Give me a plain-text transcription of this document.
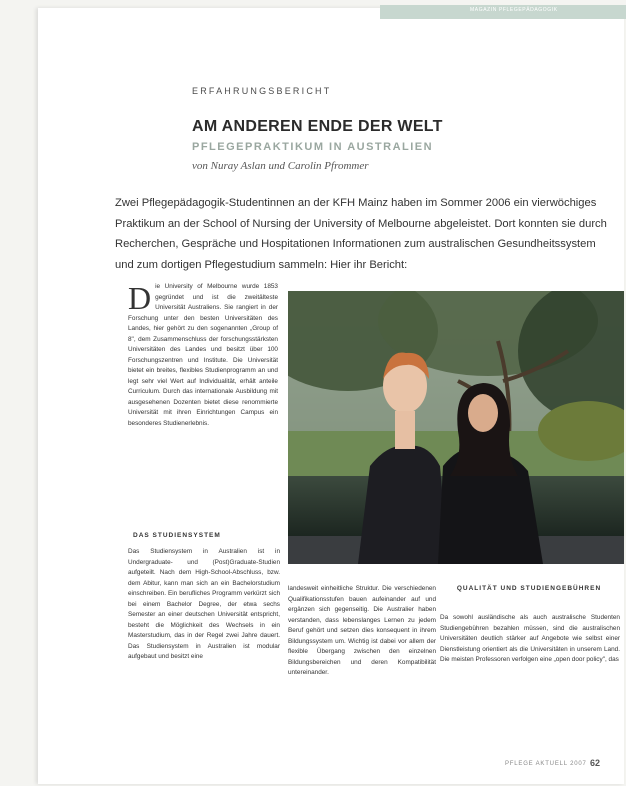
MAGAZIN PFLEGEPÄDAGOGIK
ERFAHRUNGSBERICHT
AM ANDEREN ENDE DER WELT
PFLEGEPRAKTIKUM IN AUSTRALIEN
von Nuray Aslan und Carolin Pfrommer
Zwei Pflegepädagogik-Studentinnen an der KFH Mainz haben im Sommer 2006 ein vierwöchiges Praktikum an der School of Nursing der University of Melbourne abgeleistet. Dort konnten sie durch Recherchen, Gespräche und Hospitationen Informationen zum australischen Gesundheitssystem und zum dortigen Pflegestudium sammeln: Hier ihr Bericht:
Die University of Melbourne wurde 1853 gegründet und ist die zweitälteste Universität Australiens. Sie rangiert in der Forschung unter den besten Universitäten des Landes, hier gehört zu den sogenannten „Group of 8", dem Zusammenschluss der forschungsstärksten Universitäten des Landes und besitzt über 100 Forschungszentren und Institute. Die Universität bietet ein breites, flexibles Studienprogramm an und legt sehr viel Wert auf Individualität, erhält anteile Curriculum. Durch das internationale Ausbildung mit ausgesehenen Dozenten bietet diese renommierte Universität mit ihren Einrichtungen Campus ein besonderes Studienerlebnis.
DAS STUDIENSYSTEM
Das Studiensystem in Australien ist in Undergraduate- und (Post)Graduate-Studien aufgeteilt. Nach dem High-School-Abschluss, bzw. dem Abitur, kann man sich an ein Bachelorstudium einschreiben. Ein berufliches Programm verkürzt sich bei einem Bachelor Degree, der etwa sechs Semester an einer deutschen Universität entspricht, besteht die Möglichkeit des Wechsels in ein Masterstudium, das in der Regel zwei Jahre dauert. Das Studiensystem in Australien ist modular aufgebaut und besitzt eine
landesweit einheitliche Struktur. Die verschiedenen Qualifikationsstufen bauen aufeinander auf und ergänzen sich gegenseitig. Die Australier haben verstanden, dass lebenslanges Lernen zu jedem Beruf gehört und setzen dies konsequent in ihrem Bildungssystem um. Wichtig ist dabei vor allem der flexible Übergang zwischen den einzelnen Bildungsbereichen und deren Kompatibilität untereinander.
QUALITÄT UND STUDIENGEBÜHREN
Da sowohl ausländische als auch australische Studenten Studiengebühren bezahlen müssen, sind die australischen Universitäten deutlich stärker auf Angebote wie selbst einer Dienstleistung orientiert als die Universitäten in unserem Land. Die meisten Professoren verfolgen eine „open door policy", das
PFLEGE AKTUELL 2007 62
